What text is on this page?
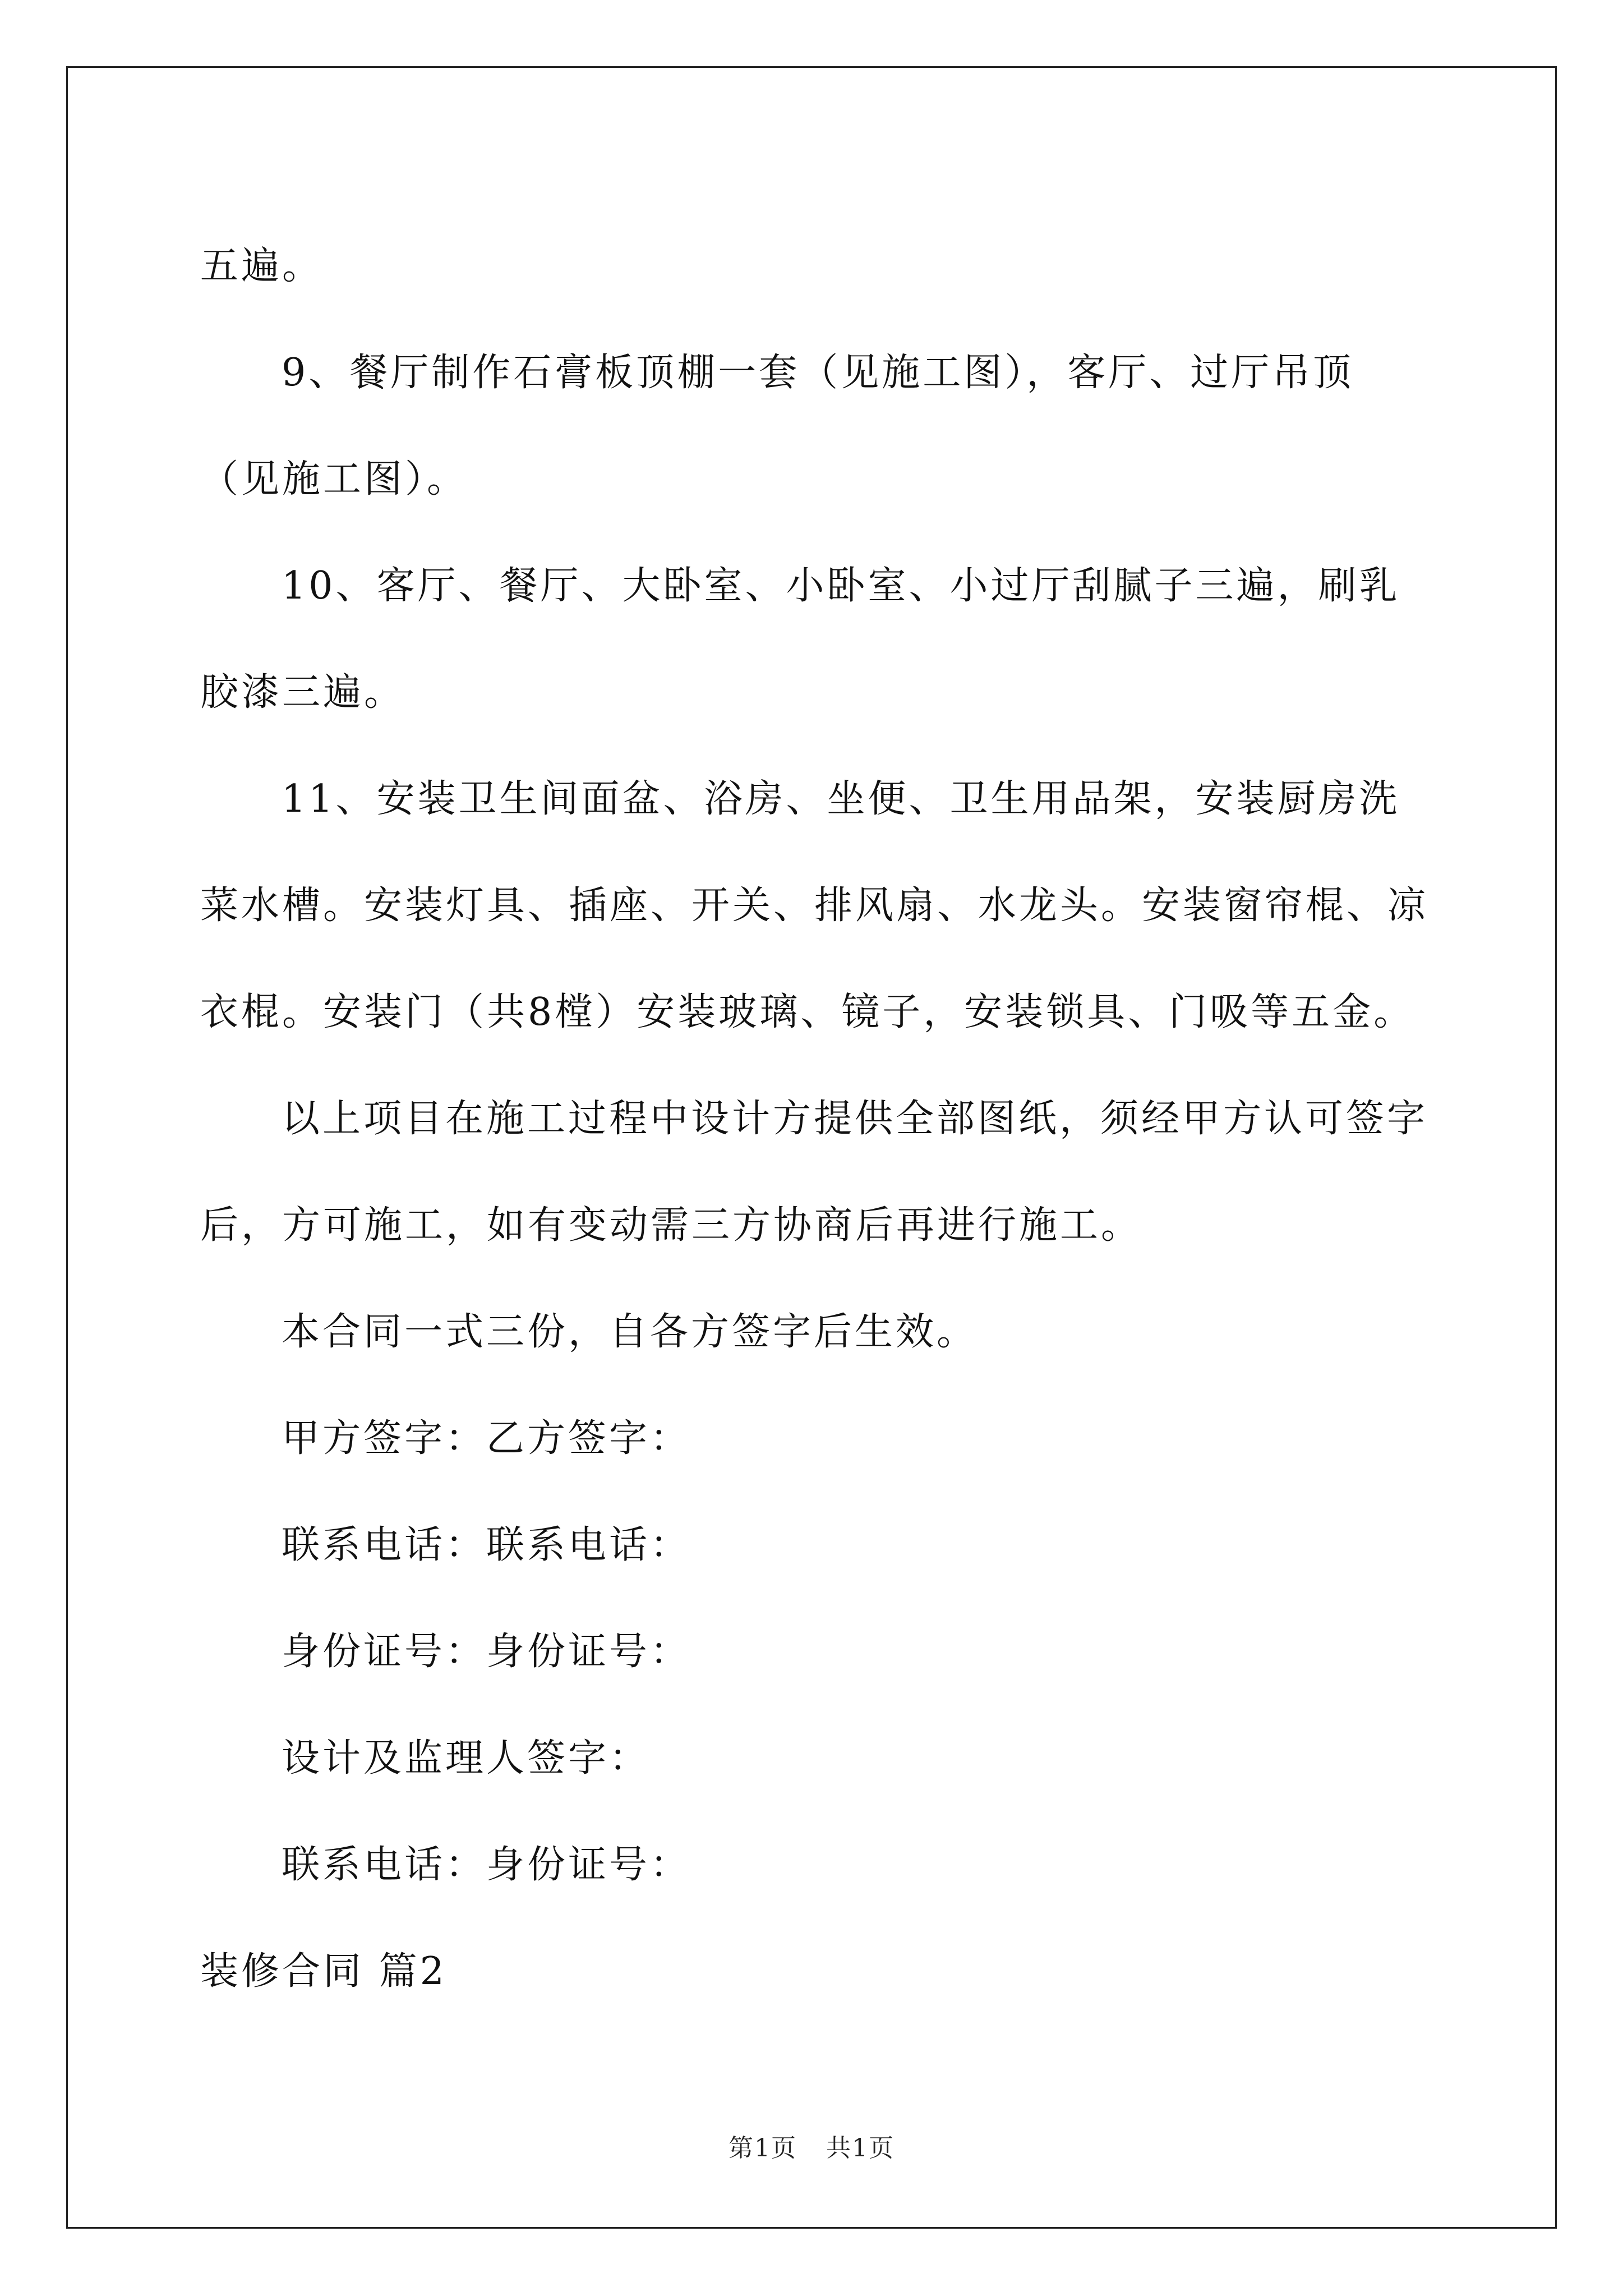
五遍。

9、餐厅制作石膏板顶棚一套（见施工图），客厅、过厅吊顶（见施工图）。

10、客厅、餐厅、大卧室、小卧室、小过厅刮腻子三遍，刷乳胶漆三遍。

11、安装卫生间面盆、浴房、坐便、卫生用品架，安装厨房洗菜水槽。安装灯具、插座、开关、排风扇、水龙头。安装窗帘棍、凉衣棍。安装门（共8樘）安装玻璃、镜子，安装锁具、门吸等五金。

以上项目在施工过程中设计方提供全部图纸，须经甲方认可签字后，方可施工，如有变动需三方协商后再进行施工。

本合同一式三份，自各方签字后生效。

甲方签字：乙方签字：

联系电话：联系电话：

身份证号：身份证号：

设计及监理人签字：

联系电话：身份证号：

装修合同 篇2

第1页 共1页
